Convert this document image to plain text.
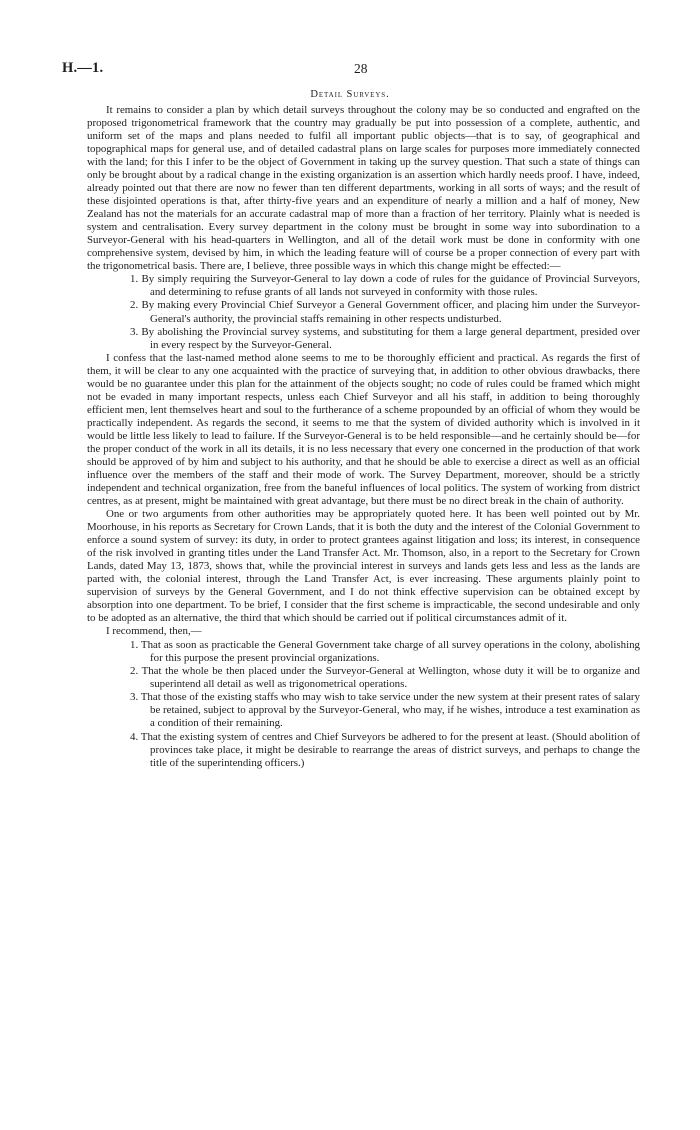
H.—1.	28
Detail Surveys.

It remains to consider a plan by which detail surveys throughout the colony may be so conducted and engrafted on the proposed trigonometrical framework that the country may gradually be put into possession of a complete, authentic, and uniform set of the maps and plans needed to fulfil all important public objects—that is to say, of geographical and topographical maps for general use, and of detailed cadastral plans on large scales for purposes more immediately connected with the land; for this I infer to be the object of Government in taking up the survey question. That such a state of things can only be brought about by a radical change in the existing organization is an assertion which hardly needs proof. I have, indeed, already pointed out that there are now no fewer than ten different departments, working in all sorts of ways; and the result of these disjointed operations is that, after thirty-five years and an expenditure of nearly a million and a half of money, New Zealand has not the materials for an accurate cadastral map of more than a fraction of her territory. Plainly what is needed is system and centralisation. Every survey department in the colony must be brought in some way into subordination to a Surveyor-General with his head-quarters in Wellington, and all of the detail work must be done in conformity with one comprehensive system, devised by him, in which the leading feature will of course be a proper connection of every part with the trigonometrical basis. There are, I believe, three possible ways in which this change might be effected:—

1. By simply requiring the Surveyor-General to lay down a code of rules for the guidance of Provincial Surveyors, and determining to refuse grants of all lands not surveyed in conformity with those rules.
2. By making every Provincial Chief Surveyor a General Government officer, and placing him under the Surveyor-General's authority, the provincial staffs remaining in other respects undisturbed.
3. By abolishing the Provincial survey systems, and substituting for them a large general department, presided over in every respect by the Surveyor-General.

I confess that the last-named method alone seems to me to be thoroughly efficient and practical. As regards the first of them, it will be clear to any one acquainted with the practice of surveying that, in addition to other obvious drawbacks, there would be no guarantee under this plan for the attainment of the objects sought; no code of rules could be framed which might not be evaded in many important respects, unless each Chief Surveyor and all his staff, in addition to being thoroughly efficient men, lent themselves heart and soul to the furtherance of a scheme propounded by an official of whom they would be practically independent. As regards the second, it seems to me that the system of divided authority which is involved in it would be little less likely to lead to failure. If the Surveyor-General is to be held responsible—and he certainly should be—for the proper conduct of the work in all its details, it is no less necessary that every one concerned in the production of that work should be approved of by him and subject to his authority, and that he should be able to exercise a direct as well as an official influence over the members of the staff and their mode of work. The Survey Department, moreover, should be a strictly independent and technical organization, free from the baneful influences of local politics. The system of working from district centres, as at present, might be maintained with great advantage, but there must be no direct break in the chain of authority.

One or two arguments from other authorities may be appropriately quoted here. It has been well pointed out by Mr. Moorhouse, in his reports as Secretary for Crown Lands, that it is both the duty and the interest of the Colonial Government to enforce a sound system of survey: its duty, in order to protect grantees against litigation and loss; its interest, in consequence of the risk involved in granting titles under the Land Transfer Act. Mr. Thomson, also, in a report to the Secretary for Crown Lands, dated May 13, 1873, shows that, while the provincial interest in surveys and lands gets less and less as the lands are parted with, the colonial interest, through the Land Transfer Act, is ever increasing. These arguments plainly point to supervision of surveys by the General Government, and I do not think effective supervision can be obtained except by absorption into one department. To be brief, I consider that the first scheme is impracticable, the second undesirable and only to be adopted as an alternative, the third that which should be carried out if political circumstances admit of it.

I recommend, then,—

1. That as soon as practicable the General Government take charge of all survey operations in the colony, abolishing for this purpose the present provincial organizations.
2. That the whole be then placed under the Surveyor-General at Wellington, whose duty it will be to organize and superintend all detail as well as trigonometrical operations.
3. That those of the existing staffs who may wish to take service under the new system at their present rates of salary be retained, subject to approval by the Surveyor-General, who may, if he wishes, introduce a test examination as a condition of their remaining.
4. That the existing system of centres and Chief Surveyors be adhered to for the present at least. (Should abolition of provinces take place, it might be desirable to rearrange the areas of district surveys, and perhaps to change the title of the superintending officers.)
